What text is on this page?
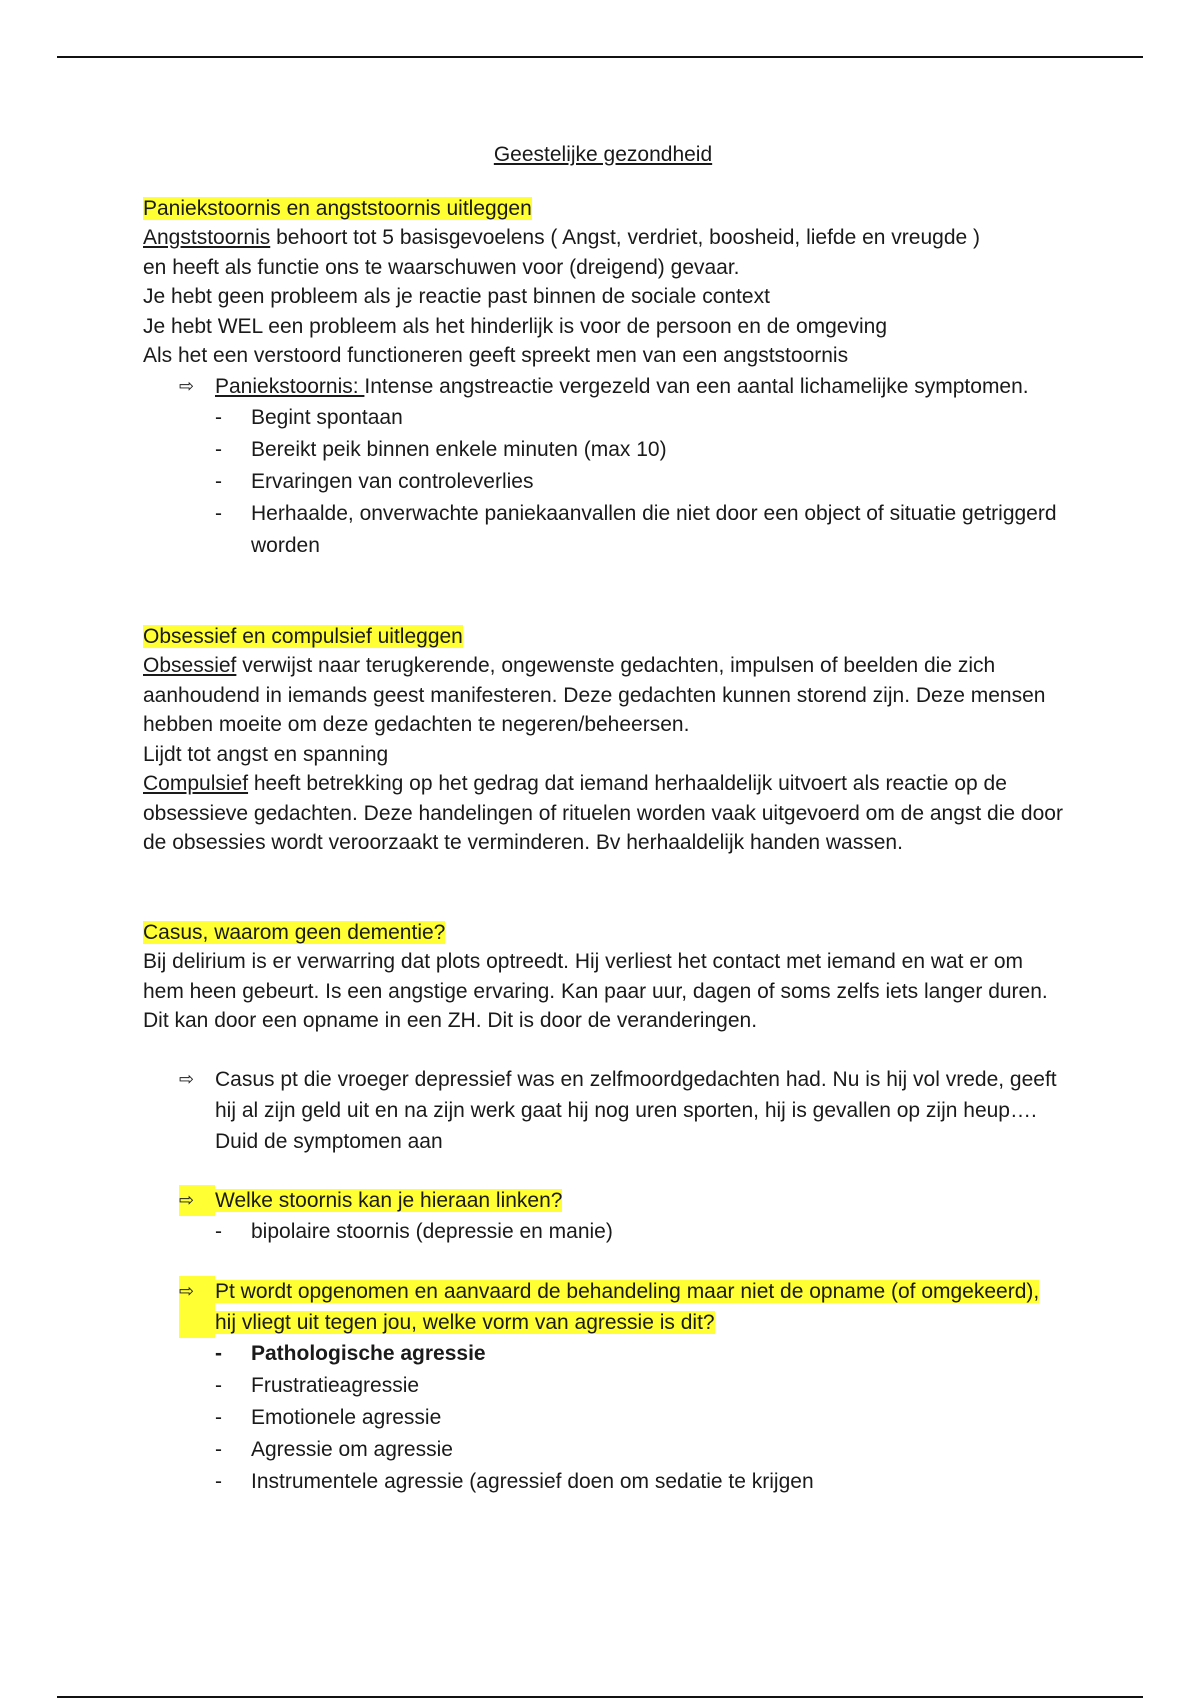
Geestelijke gezondheid

Paniekstoornis en angststoornis uitleggen

Angststoornis behoort tot 5 basisgevoelens ( Angst, verdriet, boosheid, liefde en vreugde )

en heeft als functie ons te waarschuwen voor (dreigend) gevaar.

Je hebt geen probleem als je reactie past binnen de sociale context

Je hebt WEL een probleem als het hinderlijk is voor de persoon en de omgeving

Als het een verstoord functioneren geeft spreekt men van een angststoornis

⇨ Paniekstoornis: Intense angstreactie vergezeld van een aantal lichamelijke symptomen.
-	Begint spontaan
-	Bereikt peik binnen enkele minuten (max 10)
-	Ervaringen van controleverlies
-	Herhaalde, onverwachte paniekaanvallen die niet door een object of situatie getriggerd worden

Obsessief en compulsief uitleggen

Obsessief verwijst naar terugkerende, ongewenste gedachten, impulsen of beelden die zich aanhoudend in iemands geest manifesteren. Deze gedachten kunnen storend zijn. Deze mensen hebben moeite om deze gedachten te negeren/beheersen.

Lijdt tot angst en spanning

Compulsief heeft betrekking op het gedrag dat iemand herhaaldelijk uitvoert als reactie op de obsessieve gedachten. Deze handelingen of rituelen worden vaak uitgevoerd om de angst die door de obsessies wordt veroorzaakt te verminderen. Bv herhaaldelijk handen wassen.

Casus, waarom geen dementie?

Bij delirium is er verwarring dat plots optreedt. Hij verliest het contact met iemand en wat er om hem heen gebeurt. Is een angstige ervaring. Kan paar uur, dagen of soms zelfs iets langer duren. Dit kan door een opname in een ZH. Dit is door de veranderingen.

⇨ Casus pt die vroeger depressief was en zelfmoordgedachten had. Nu is hij vol vrede, geeft hij al zijn geld uit en na zijn werk gaat hij nog uren sporten, hij is gevallen op zijn heup…. Duid de symptomen aan
⇨ Welke stoornis kan je hieraan linken?
-	bipolaire stoornis (depressie en manie)
⇨ Pt wordt opgenomen en aanvaard de behandeling maar niet de opname (of omgekeerd), hij vliegt uit tegen jou, welke vorm van agressie is dit?
-	Pathologische agressie
-	Frustratieagressie
-	Emotionele agressie
-	Agressie om agressie
-	Instrumentele agressie (agressief doen om sedatie te krijgen
